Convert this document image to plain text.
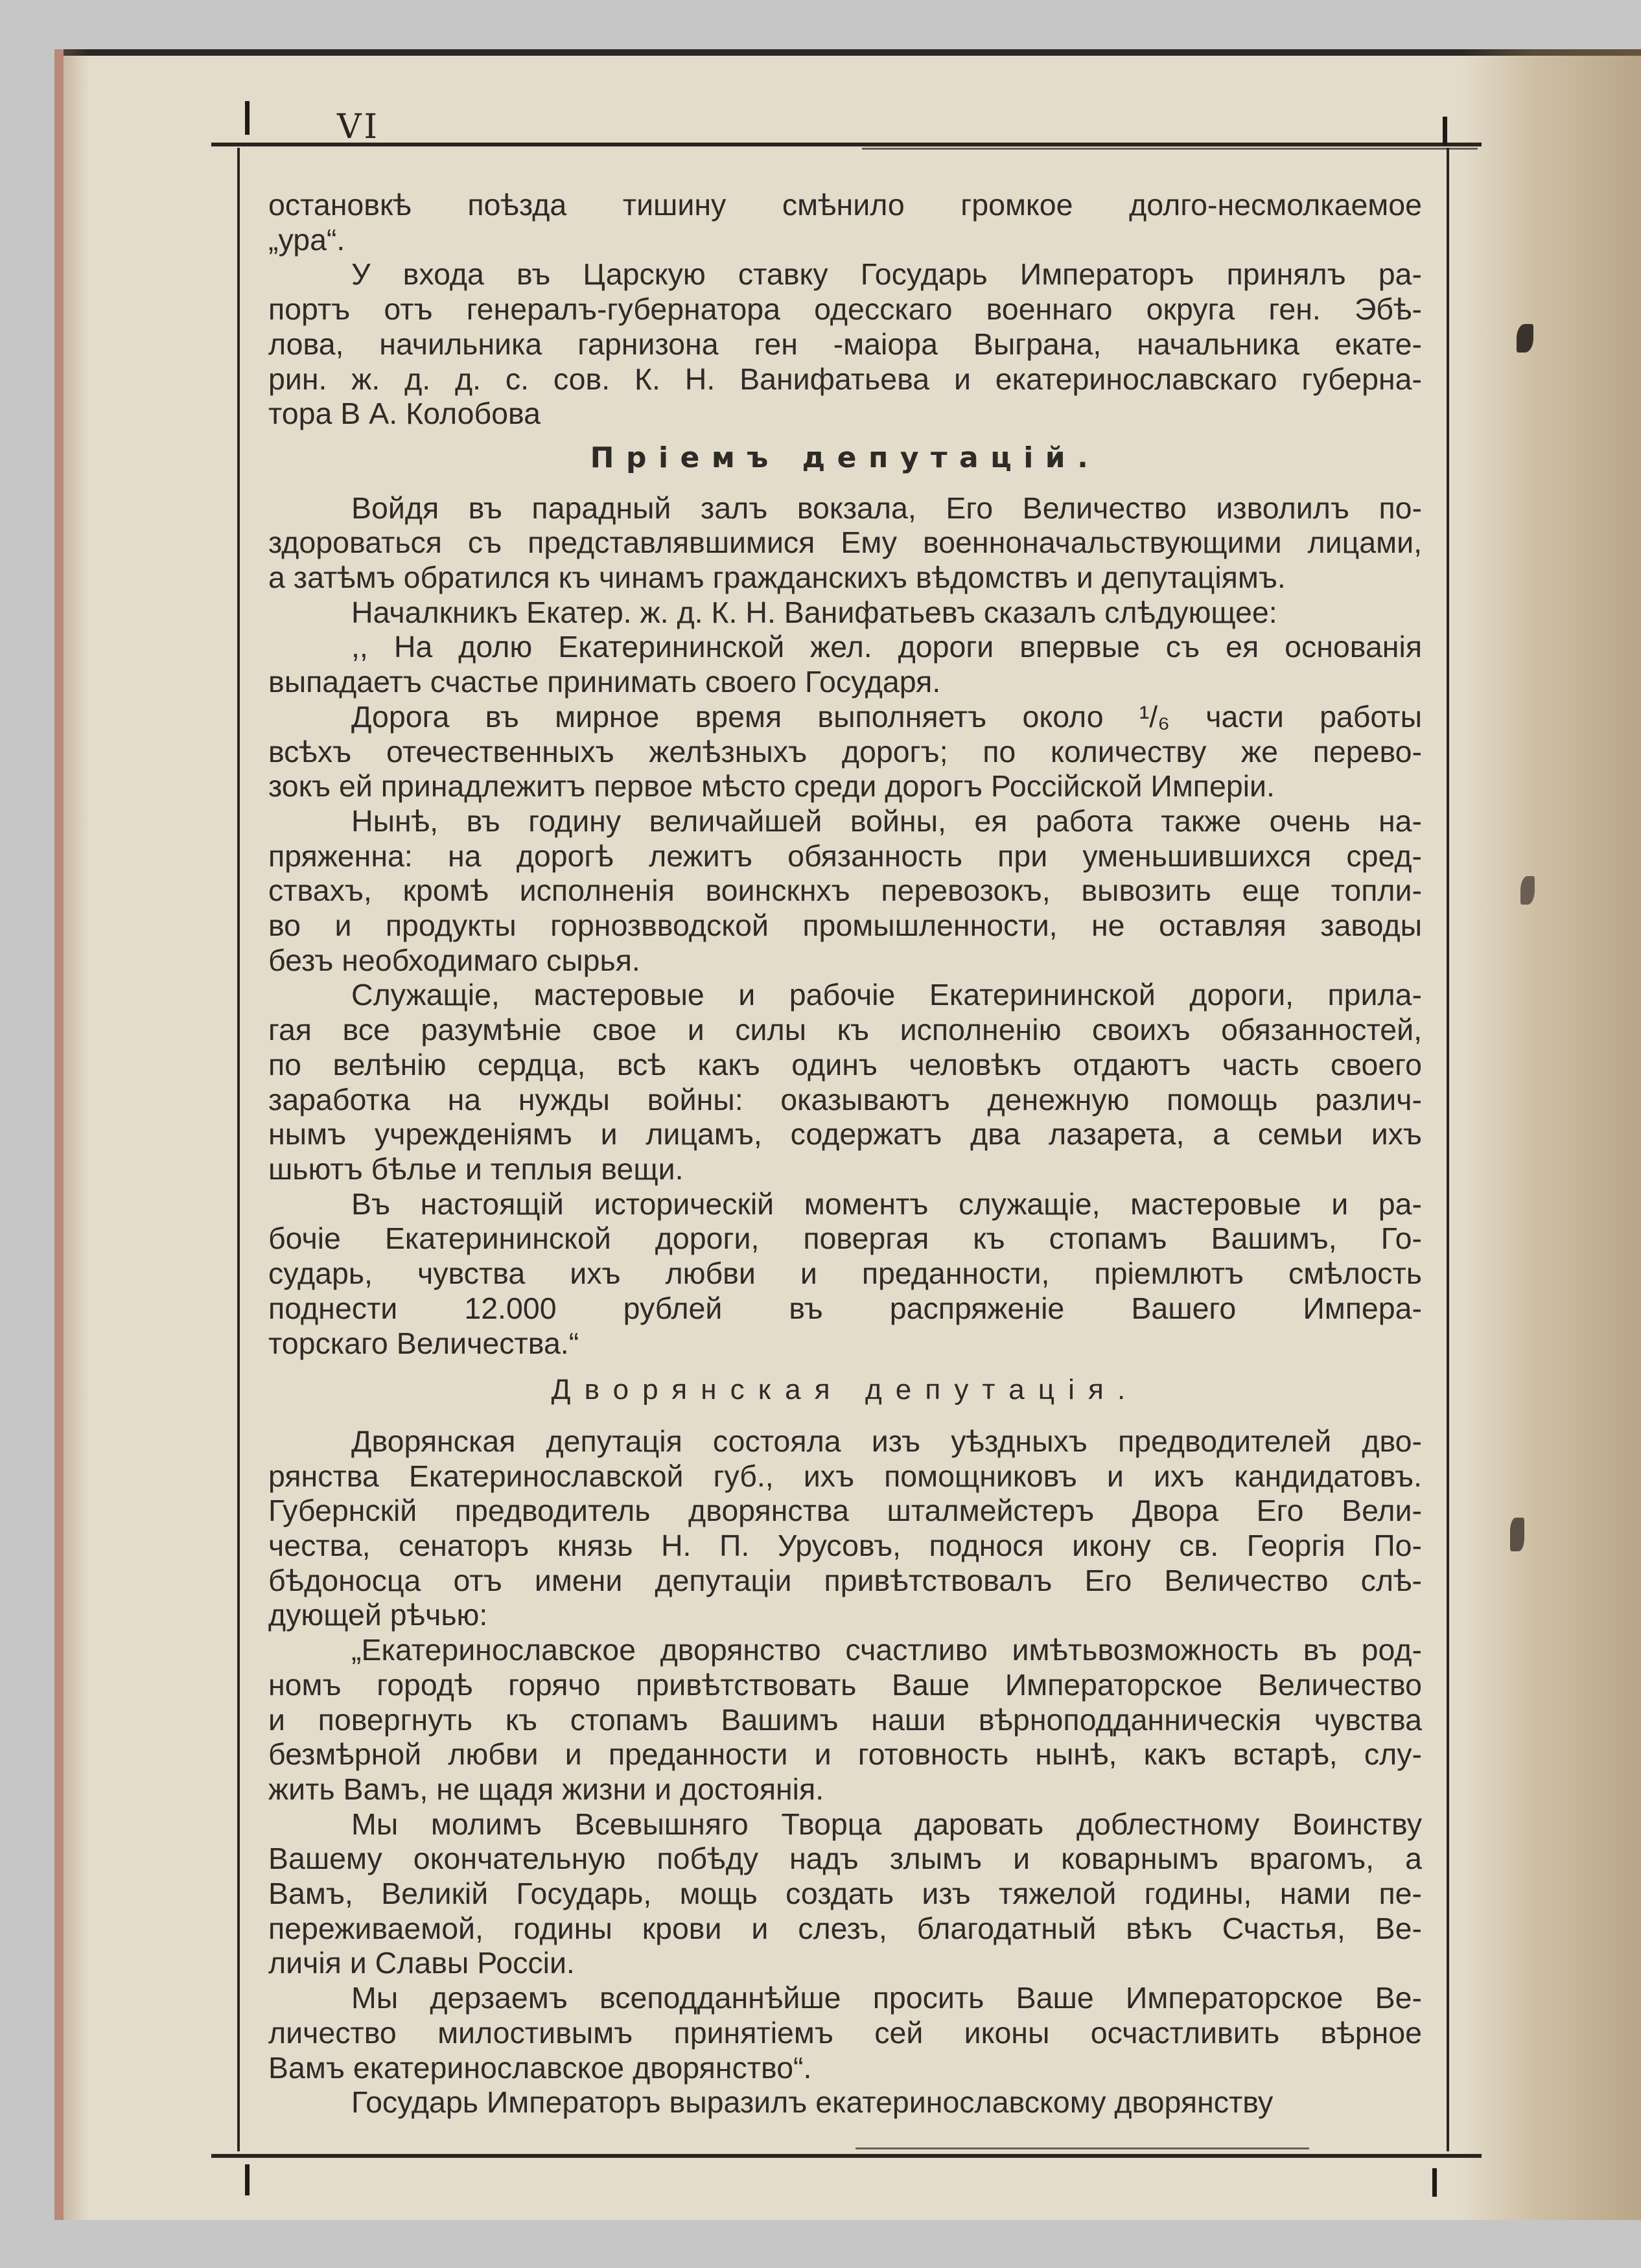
VI

остановкѣ поѣзда тишину смѣнило громкое долго-несмолкаемое
„ура“.

У входа въ Царскую ставку Государь Императоръ принялъ ра-
портъ отъ генералъ-губернатора одесскаго военнаго округа ген. Эбѣ-
лова, начильника гарнизона ген -маiора Выграна, начальника екате-
рин. ж. д. д. с. сов. К. Н. Ванифатьева и екатеринославскаго губерна-
тора В А. Колобова

Прiемъ депутацiй.

Войдя въ парадный залъ вокзала, Его Величество изволилъ по-
здороваться съ представлявшимися Ему военноначальствующими лицами,
а затѣмъ обратился къ чинамъ гражданскихъ вѣдомствъ и депутацiямъ.

Началкникъ Екатер. ж. д. К. Н. Ванифатьевъ сказалъ слѣдующее:

,, На долю Екатерининской жел. дороги впервые съ ея основанiя
выпадаетъ счастье принимать своего Государя.

Дорога въ мирное время выполняетъ около ¹/₆ части работы
всѣхъ отечественныхъ желѣзныхъ дорогъ; по количеству же перево-
зокъ ей принадлежитъ первое мѣсто среди дорогъ Россiйской Имперiи.

Нынѣ, въ годину величайшей войны, ея работа также очень на-
пряженна: на дорогѣ лежитъ обязанность при уменьшившихся сред-
ствахъ, кромѣ исполненiя воинскнхъ перевозокъ, вывозить еще топли-
во и продукты горнозвводской промышленности, не оставляя заводы
безъ необходимаго сырья.

Служащiе, мастеровые и рабочiе Екатерининской дороги, прила-
гая все разумѣнiе свое и силы къ исполненiю своихъ обязанностей,
по велѣнiю сердца, всѣ какъ одинъ человѣкъ отдаютъ часть своего
заработка на нужды войны: оказываютъ денежную помощь различ-
нымъ учрежденiямъ и лицамъ, содержатъ два лазарета, а семьи ихъ
шьютъ бѣлье и теплыя вещи.

Въ настоящiй историческiй моментъ служащiе, мастеровые и ра-
бочiе Екатерининской дороги, повергая къ стопамъ Вашимъ, Го-
сударь, чувства ихъ любви и преданности, прiемлютъ смѣлость
поднести 12.000 рублей въ распряженiе Вашего Импера-
торскаго Величества.“

Дворянская депутацiя.

Дворянская депутацiя состояла изъ уѣздныхъ предводителей дво-
рянства Екатеринославской губ., ихъ помощниковъ и ихъ кандидатовъ.
Губернскiй предводитель дворянства шталмейстеръ Двора Его Вели-
чества, сенаторъ князь Н. П. Урусовъ, поднося икону св. Георгiя По-
бѣдоносца отъ имени депутацiи привѣтствовалъ Его Величество слѣ-
дующей рѣчью:

„Екатеринославское дворянство счастливо имѣтьвозможность въ род-
номъ городѣ горячо привѣтствовать Ваше Императорское Величество
и повергнуть къ стопамъ Вашимъ наши вѣрноподданническiя чувства
безмѣрной любви и преданности и готовность нынѣ, какъ встарѣ, слу-
жить Вамъ, не щадя жизни и достоянiя.

Мы молимъ Всевышняго Творца даровать доблестному Воинству
Вашему окончательную побѣду надъ злымъ и коварнымъ врагомъ, а
Вамъ, Великiй Государь, мощь создать изъ тяжелой годины, нами пе-
переживаемой, годины крови и слезъ, благодатный вѣкъ Счастья, Ве-
личiя и Славы Россiи.

Мы дерзаемъ всеподданнѣйше просить Ваше Императорское Ве-
личество милостивымъ принятiемъ сей иконы осчастливить вѣрное
Вамъ екатеринославское дворянство“.

Государь Императоръ выразилъ екатеринославскому дворянству
